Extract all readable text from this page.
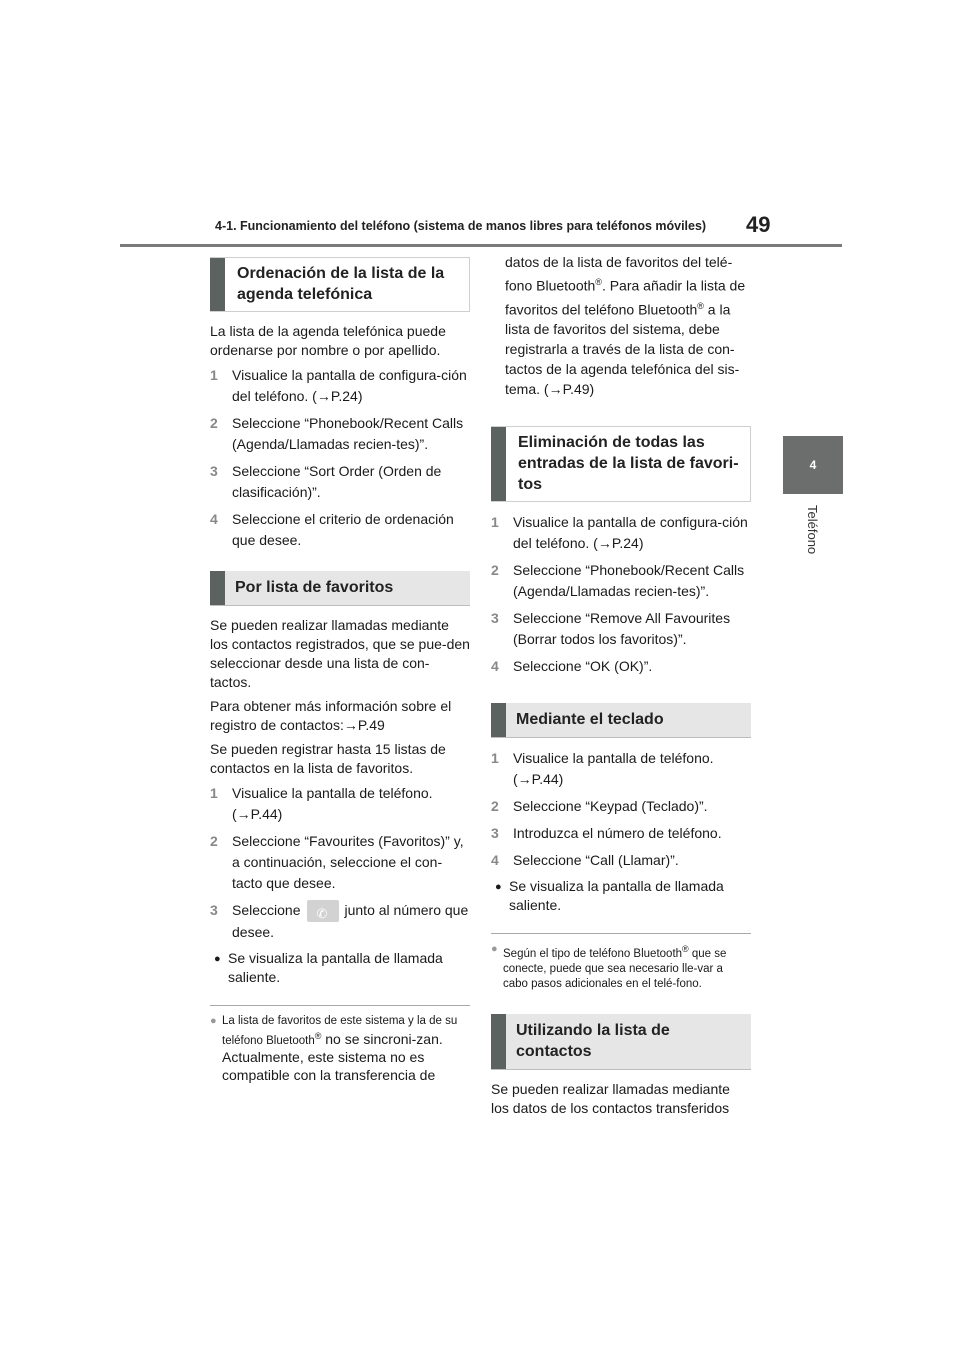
4-1. Funcionamiento del teléfono (sistema de manos libres para teléfonos móviles) 49
4
Teléfono
Ordenación de la lista de la agenda telefónica

La lista de la agenda telefónica puede ordenarse por nombre o por apellido.

1	Visualice la pantalla de configura-ción del teléfono. (→P.24)
2	Seleccione “Phonebook/Recent Calls (Agenda/Llamadas recien-tes)”.
3	Seleccione “Sort Order (Orden de clasificación)”.
4	Seleccione el criterio de ordenación que desee.
Por lista de favoritos

Se pueden realizar llamadas mediante los contactos registrados, que se pue-den seleccionar desde una lista de con-tactos.

Para obtener más información sobre el registro de contactos:→P.49

Se pueden registrar hasta 15 listas de contactos en la lista de favoritos.

1	Visualice la pantalla de teléfono. (→P.44)
2	Seleccione “Favourites (Favoritos)” y, a continuación, seleccione el con-tacto que desee.
3	Seleccione ✆ junto al número que desee.
● Se visualiza la pantalla de llamada saliente.
● La lista de favoritos de este sistema y la de su teléfono Bluetooth® no se sincroni-zan. Actualmente, este sistema no es compatible con la transferencia de

datos de la lista de favoritos del telé-fono Bluetooth®. Para añadir la lista de favoritos del teléfono Bluetooth® a la lista de favoritos del sistema, debe registrarla a través de la lista de con-tactos de la agenda telefónica del sis-tema. (→P.49)

Eliminación de todas las entradas de la lista de favori-tos
1	Visualice la pantalla de configura-ción del teléfono. (→P.24)
2	Seleccione “Phonebook/Recent Calls (Agenda/Llamadas recien-tes)”.
3	Seleccione “Remove All Favourites (Borrar todos los favoritos)”.
4	Seleccione “OK (OK)”.
Mediante el teclado
1	Visualice la pantalla de teléfono. (→P.44)
2	Seleccione “Keypad (Teclado)”.
3	Introduzca el número de teléfono.
4	Seleccione “Call (Llamar)”.
● Se visualiza la pantalla de llamada saliente.
● Según el tipo de teléfono Bluetooth® que se conecte, puede que sea necesario lle-var a cabo pasos adicionales en el telé-fono.
Utilizando la lista de contactos

Se pueden realizar llamadas mediante los datos de los contactos transferidos
